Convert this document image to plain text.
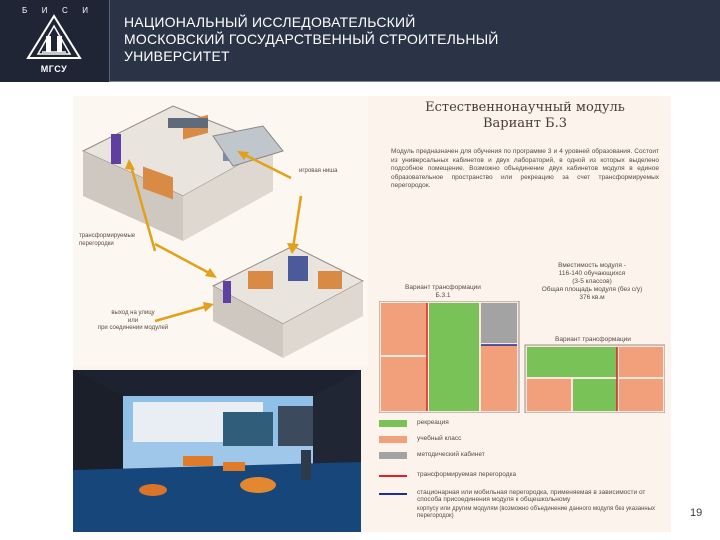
Б И С И
МГСУ
НАЦИОНАЛЬНЫЙ ИССЛЕДОВАТЕЛЬСКИЙ
МОСКОВСКИЙ ГОСУДАРСТВЕННЫЙ СТРОИТЕЛЬНЫЙ
УНИВЕРСИТЕТ
игровая ниша
трансформируемые
перегородки
выход на улицу
или
при соединении модулей
Естественнонаучный модуль
Вариант Б.3
Модуль предназначен для обучения по программе 3 и 4 уровней образования. Состоит из универсальных кабинетов и двух лабораторий, в одной из которых выделено подсобное помещение. Возможно объединение двух кабинетов модуля в единое образовательное пространство или рекреацию за счет трансформируемых перегородок.
Вместимость модуля -
116-140 обучающихся
(3-5 классов)
Общая площадь модуля (без с/у)
376 кв.м
Вариант трансформации
Б.3.1
Вариант трансформации

рекреация
учебный класс
методический кабинет
трансформируемая перегородка
стационарная или мобильная перегородка, применяемая в зависимости от способа присоединения модуля к общешкольному
корпусу или другим модулям (возможно объединение данного модуля без указанных перегородок)	19
